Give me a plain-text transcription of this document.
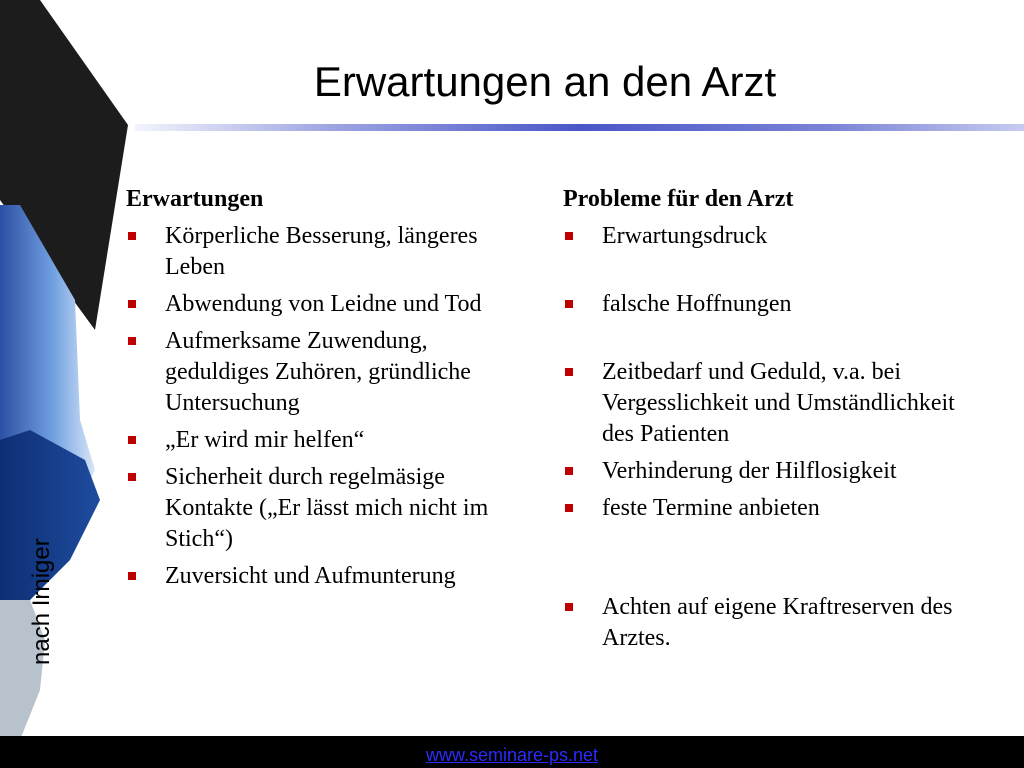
Erwartungen an den Arzt
Erwartungen
Körperliche Besserung, längeres Leben
Abwendung von Leidne und Tod
Aufmerksame Zuwendung, geduldiges Zuhören, gründliche Untersuchung
„Er wird mir helfen“
Sicherheit durch regelmäsige Kontakte („Er lässt mich nicht im Stich“)
Zuversicht und Aufmunterung
Probleme für den Arzt
Erwartungsdruck
falsche Hoffnungen
Zeitbedarf und Geduld, v.a. bei Vergesslichkeit und Umständlichkeit des Patienten
Verhinderung der Hilflosigkeit
feste Termine anbieten
Achten auf eigene Kraftreserven des Arztes.
nach Irniger
www.seminare-ps.net
